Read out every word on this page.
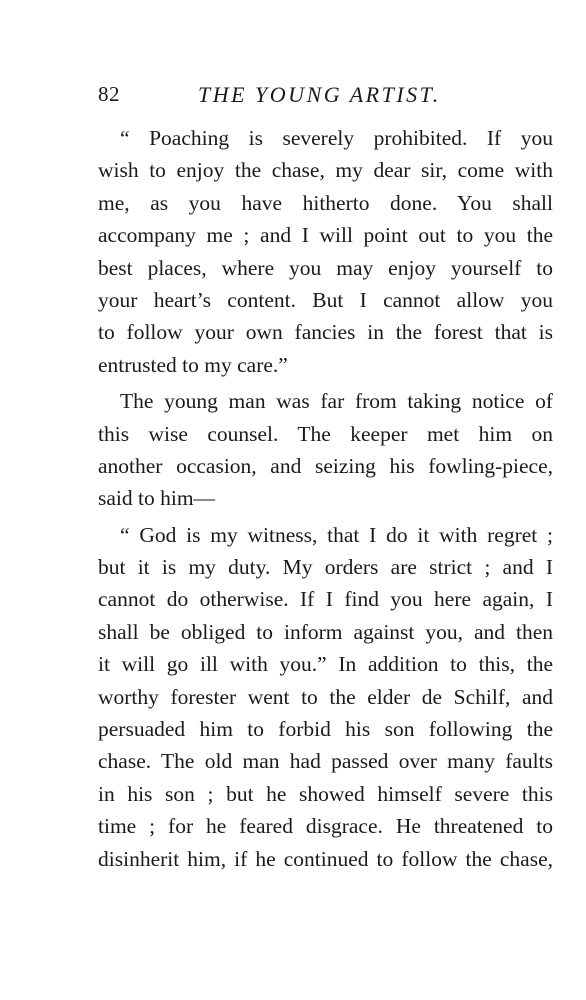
82	THE YOUNG ARTIST.
“ Poaching is severely prohibited. If you
wish to enjoy the chase, my dear sir, come with
me, as you have hitherto done. You shall
accompany me ; and I will point out to you the
best places, where you may enjoy yourself to
your heart’s content. But I cannot allow you
to follow your own fancies in the forest that is
entrusted to my care.”
The young man was far from taking notice of
this wise counsel. The keeper met him on
another occasion, and seizing his fowling-piece,
said to him—
“ God is my witness, that I do it with regret ;
but it is my duty. My orders are strict ; and I
cannot do otherwise. If I find you here again, I
shall be obliged to inform against you, and then
it will go ill with you.” In addition to this, the
worthy forester went to the elder de Schilf, and
persuaded him to forbid his son following the
chase. The old man had passed over many faults
in his son ; but he showed himself severe this
time ; for he feared disgrace. He threatened to
disinherit him, if he continued to follow the chase,
